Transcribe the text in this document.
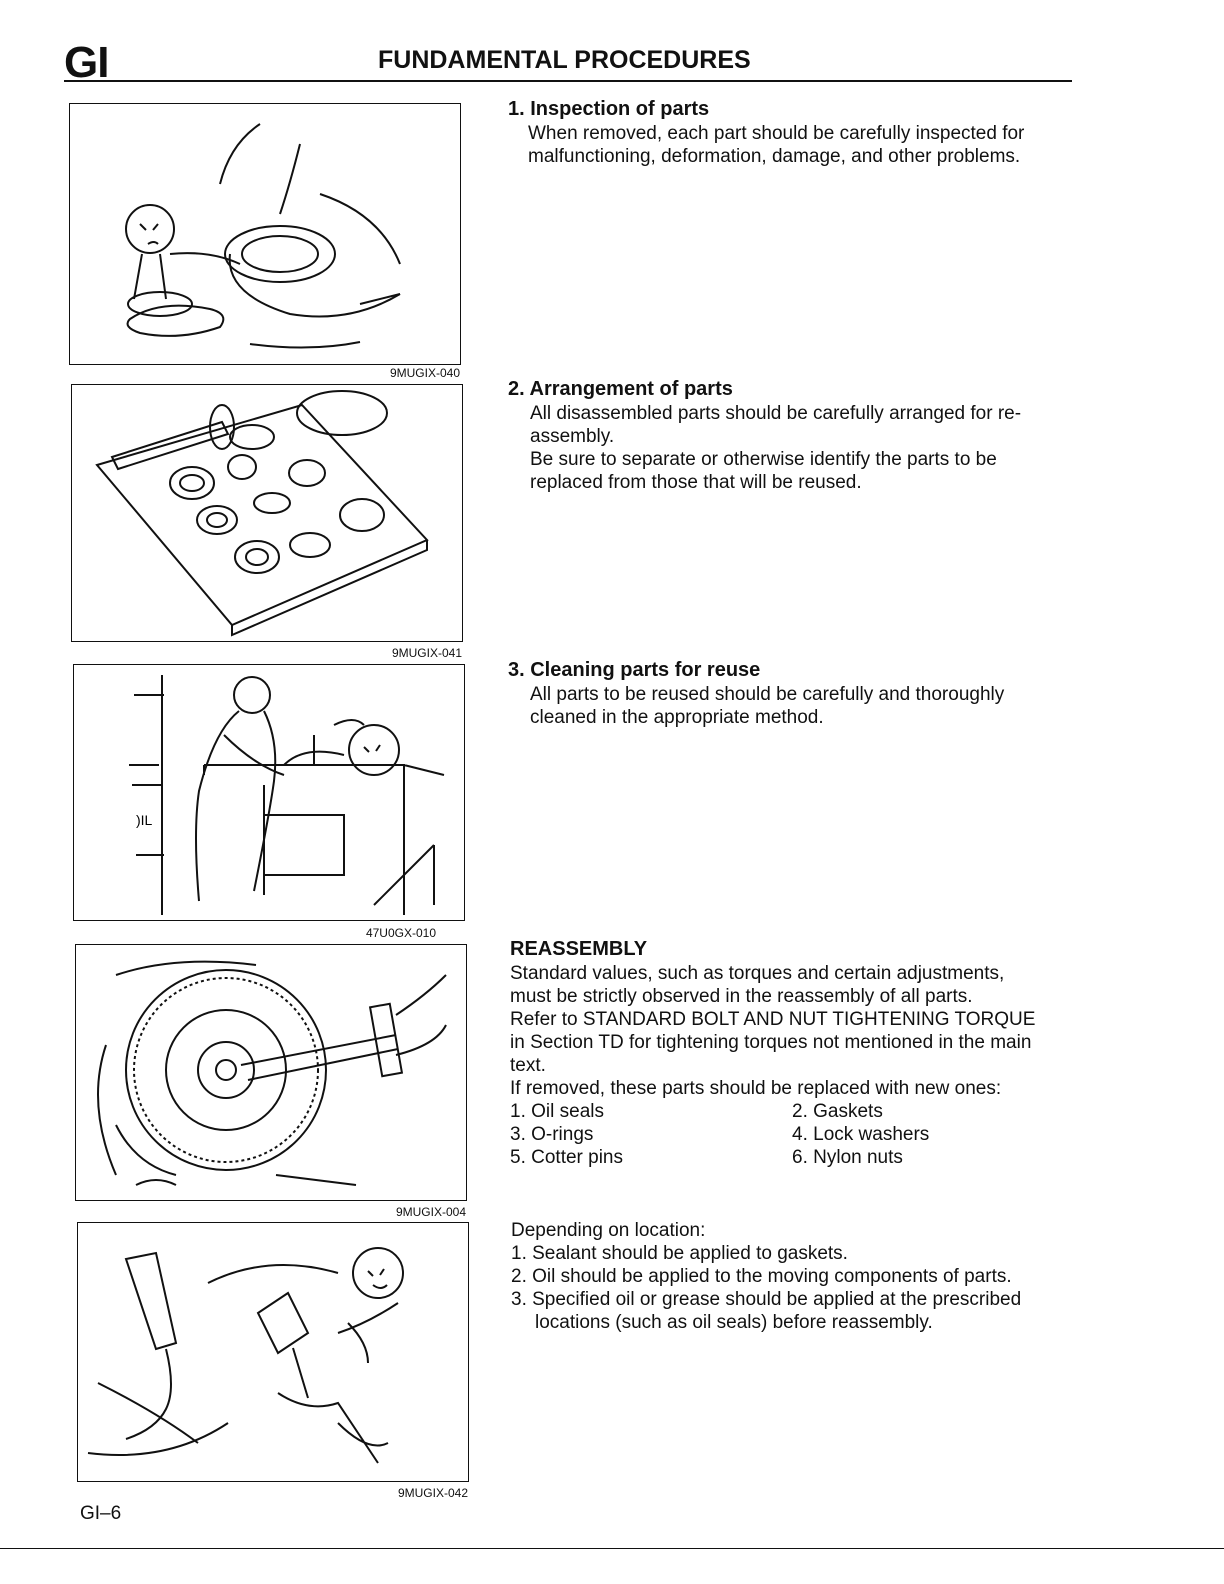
GI	FUNDAMENTAL PROCEDURES
9MUGIX-040
9MUGIX-041
)IL
47U0GX-010
9MUGIX-004
9MUGIX-042
1. Inspection of parts
When removed, each part should be carefully inspected for
malfunctioning, deformation, damage, and other problems.
2. Arrangement of parts
All disassembled parts should be carefully arranged for re-
assembly.
Be sure to separate or otherwise identify the parts to be
replaced from those that will be reused.
3. Cleaning parts for reuse
All parts to be reused should be carefully and thoroughly
cleaned in the appropriate method.
REASSEMBLY
Standard values, such as torques and certain adjustments,
must be strictly observed in the reassembly of all parts.
Refer to STANDARD BOLT AND NUT TIGHTENING TORQUE
in Section TD for tightening torques not mentioned in the main
text.
If removed, these parts should be replaced with new ones:
1. Oil seals	2. Gaskets
3. O-rings	4. Lock washers
5. Cotter pins	6. Nylon nuts
Depending on location:
1. Sealant should be applied to gaskets.
2. Oil should be applied to the moving components of parts.
3. Specified oil or grease should be applied at the prescribed
locations (such as oil seals) before reassembly.
GI–6
